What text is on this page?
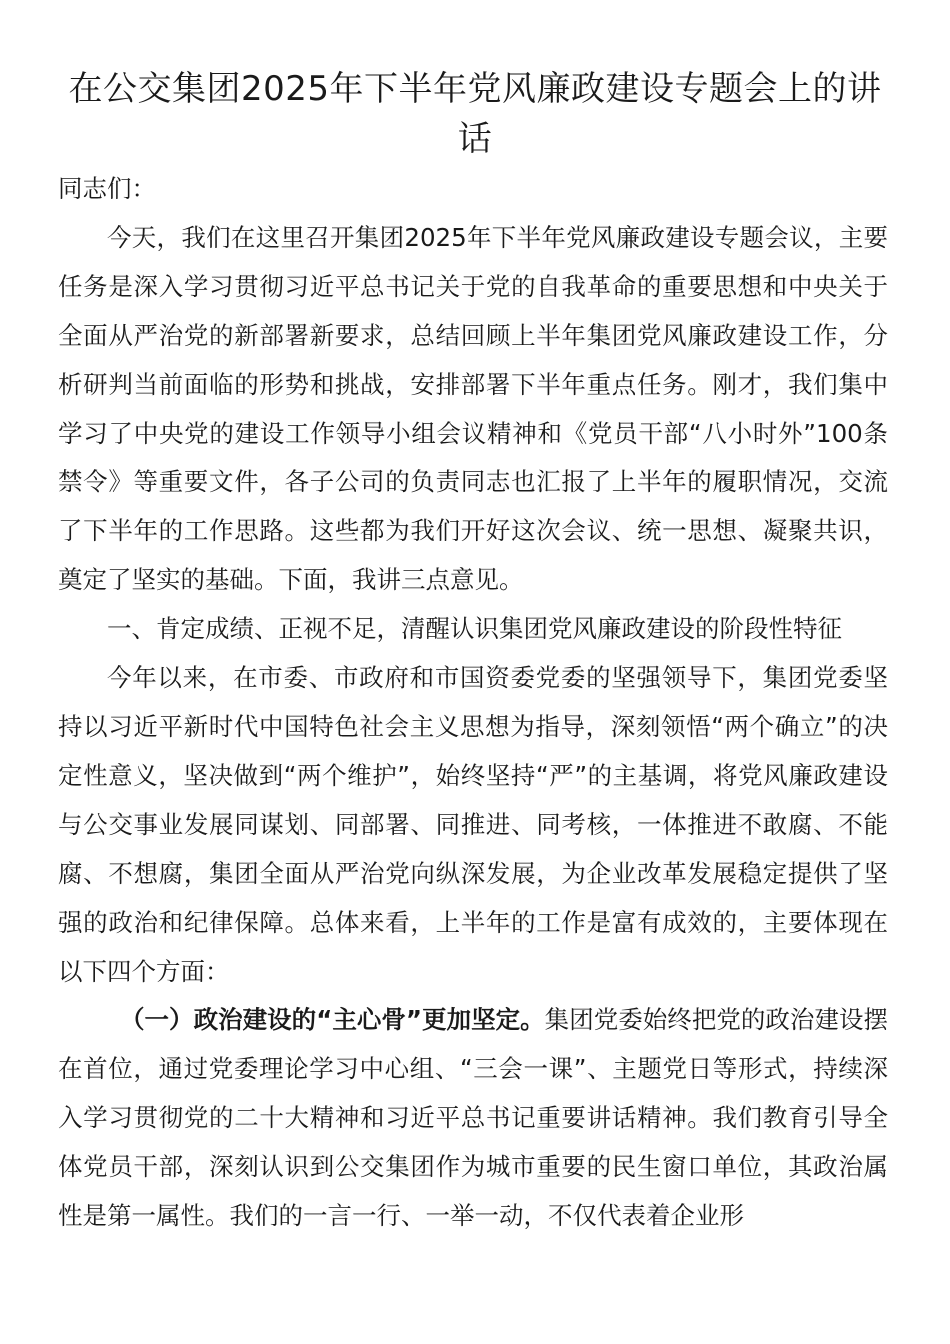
在公交集团2025年下半年党风廉政建设专题会上的讲话

同志们：

今天，我们在这里召开集团2025年下半年党风廉政建设专题会议，主要任务是深入学习贯彻习近平总书记关于党的自我革命的重要思想和中央关于全面从严治党的新部署新要求，总结回顾上半年集团党风廉政建设工作，分析研判当前面临的形势和挑战，安排部署下半年重点任务。刚才，我们集中学习了中央党的建设工作领导小组会议精神和《党员干部“八小时外”100条禁令》等重要文件，各子公司的负责同志也汇报了上半年的履职情况，交流了下半年的工作思路。这些都为我们开好这次会议、统一思想、凝聚共识，奠定了坚实的基础。下面，我讲三点意见。

一、肯定成绩、正视不足，清醒认识集团党风廉政建设的阶段性特征

今年以来，在市委、市政府和市国资委党委的坚强领导下，集团党委坚持以习近平新时代中国特色社会主义思想为指导，深刻领悟“两个确立”的决定性意义，坚决做到“两个维护”，始终坚持“严”的主基调，将党风廉政建设与公交事业发展同谋划、同部署、同推进、同考核，一体推进不敢腐、不能腐、不想腐，集团全面从严治党向纵深发展，为企业改革发展稳定提供了坚强的政治和纪律保障。总体来看，上半年的工作是富有成效的，主要体现在以下四个方面：

（一）政治建设的“主心骨”更加坚定。集团党委始终把党的政治建设摆在首位，通过党委理论学习中心组、“三会一课”、主题党日等形式，持续深入学习贯彻党的二十大精神和习近平总书记重要讲话精神。我们教育引导全体党员干部，深刻认识到公交集团作为城市重要的民生窗口单位，其政治属性是第一属性。我们的一言一行、一举一动，不仅代表着企业形
